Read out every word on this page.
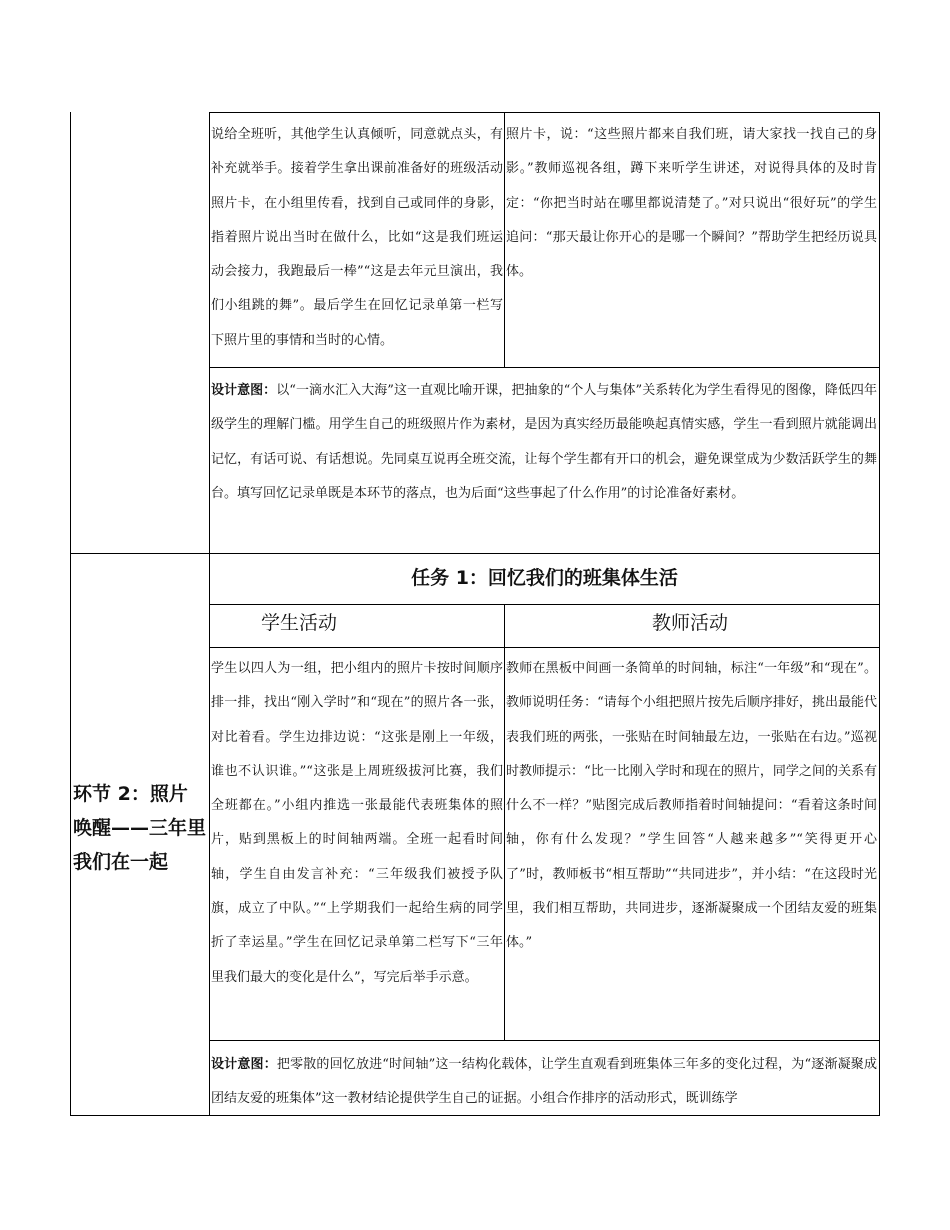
说给全班听，其他学生认真倾听，同意就点头，有补充就举手。接着学生拿出课前准备好的班级活动照片卡，在小组里传看，找到自己或同伴的身影，指着照片说出当时在做什么，比如“这是我们班运动会接力，我跑最后一棒”“这是去年元旦演出，我们小组跳的舞”。最后学生在回忆记录单第一栏写下照片里的事情和当时的心情。

照片卡，说：“这些照片都来自我们班，请大家找一找自己的身影。”教师巡视各组，蹲下来听学生讲述，对说得具体的及时肯定：“你把当时站在哪里都说清楚了。”对只说出“很好玩”的学生追问：“那天最让你开心的是哪一个瞬间？”帮助学生把经历说具体。

设计意图：以“一滴水汇入大海”这一直观比喻开课，把抽象的“个人与集体”关系转化为学生看得见的图像，降低四年级学生的理解门槛。用学生自己的班级照片作为素材，是因为真实经历最能唤起真情实感，学生一看到照片就能调出记忆，有话可说、有话想说。先同桌互说再全班交流，让每个学生都有开口的机会，避免课堂成为少数活跃学生的舞台。填写回忆记录单既是本环节的落点，也为后面“这些事起了什么作用”的讨论准备好素材。

环节 2：照片唤醒——三年里我们在一起
任务 1：回忆我们的班集体生活
学生活动	教师活动

学生以四人为一组，把小组内的照片卡按时间顺序排一排，找出“刚入学时”和“现在”的照片各一张，对比着看。学生边排边说：“这张是刚上一年级，谁也不认识谁。”“这张是上周班级拔河比赛，我们全班都在。”小组内推选一张最能代表班集体的照片，贴到黑板上的时间轴两端。全班一起看时间轴，学生自由发言补充：“三年级我们被授予队旗，成立了中队。”“上学期我们一起给生病的同学折了幸运星。”学生在回忆记录单第二栏写下“三年里我们最大的变化是什么”，写完后举手示意。

教师在黑板中间画一条简单的时间轴，标注“一年级”和“现在”。教师说明任务：“请每个小组把照片按先后顺序排好，挑出最能代表我们班的两张，一张贴在时间轴最左边，一张贴在右边。”巡视时教师提示：“比一比刚入学时和现在的照片，同学之间的关系有什么不一样？”贴图完成后教师指着时间轴提问：“看着这条时间轴，你有什么发现？”学生回答“人越来越多”“笑得更开心了”时，教师板书“相互帮助”“共同进步”，并小结：“在这段时光里，我们相互帮助，共同进步，逐渐凝聚成一个团结友爱的班集体。”

设计意图：把零散的回忆放进“时间轴”这一结构化载体，让学生直观看到班集体三年多的变化过程，为“逐渐凝聚成团结友爱的班集体”这一教材结论提供学生自己的证据。小组合作排序的活动形式，既训练学
